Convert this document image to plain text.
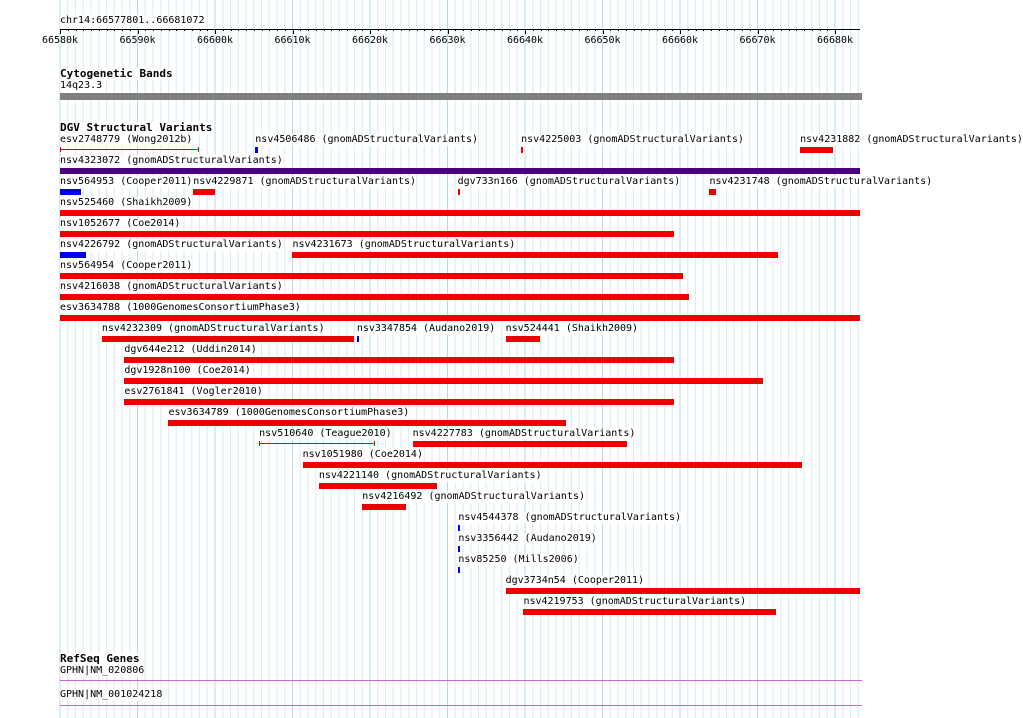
chr14:66577801..66681072
66580k	66590k	66600k	66610k	66620k	66630k	66640k	66650k	66660k	66670k	66680k
Cytogenetic Bands
14q23.3
DGV Structural Variants
esv2748779 (Wong2012b)	nsv4506486 (gnomADStructuralVariants)	nsv4225003 (gnomADStructuralVariants)	nsv4231882 (gnomADStructuralVariants)
nsv4323072 (gnomADStructuralVariants)
nsv564953 (Cooper2011) nsv4229871 (gnomADStructuralVariants)	dgv733n166 (gnomADStructuralVariants)	nsv4231748 (gnomADStructuralVariants)
nsv525460 (Shaikh2009)
nsv1052677 (Coe2014)
nsv4226792 (gnomADStructuralVariants) nsv4231673 (gnomADStructuralVariants)
nsv564954 (Cooper2011)
nsv4216038 (gnomADStructuralVariants)
esv3634788 (1000GenomesConsortiumPhase3)
nsv4232309 (gnomADStructuralVariants)	nsv3347854 (Audano2019) nsv524441 (Shaikh2009)
dgv644e212 (Uddin2014)
dgv1928n100 (Coe2014)
esv2761841 (Vogler2010)
esv3634789 (1000GenomesConsortiumPhase3)
nsv510640 (Teague2010) nsv4227783 (gnomADStructuralVariants)
nsv1051980 (Coe2014)
nsv4221140 (gnomADStructuralVariants)
nsv4216492 (gnomADStructuralVariants)
nsv4544378 (gnomADStructuralVariants)
nsv3356442 (Audano2019)
nsv85250 (Mills2006)
dgv3734n54 (Cooper2011)
nsv4219753 (gnomADStructuralVariants)
RefSeq Genes
GPHN|NM_020806
GPHN|NM_001024218
